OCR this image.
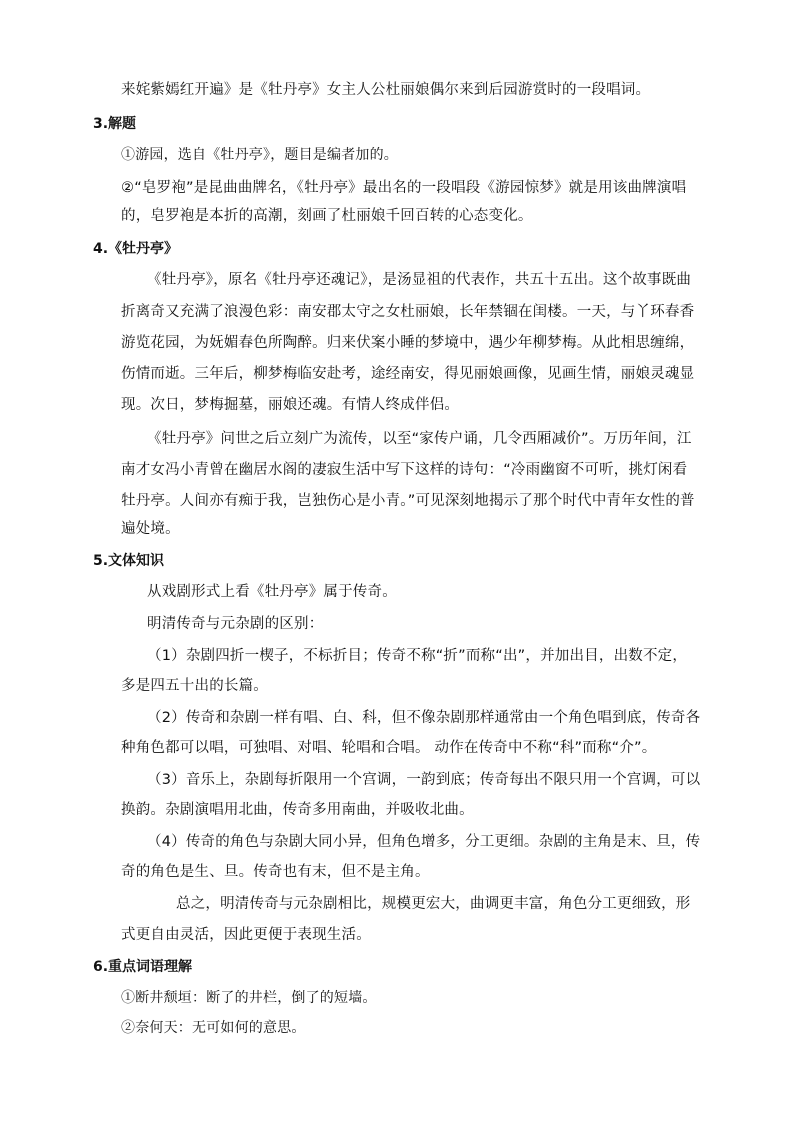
来姹紫嫣红开遍》是《牡丹亭》女主人公杜丽娘偶尔来到后园游赏时的一段唱词。
3.解题
①游园，选自《牡丹亭》，题目是编者加的。
②“皂罗袍”是昆曲曲牌名，《牡丹亭》最出名的一段唱段《游园惊梦》就是用该曲牌演唱
的，皂罗袍是本折的高潮，刻画了杜丽娘千回百转的心态变化。
4.《牡丹亭》
《牡丹亭》，原名《牡丹亭还魂记》，是汤显祖的代表作，共五十五出。这个故事既曲
折离奇又充满了浪漫色彩：南安郡太守之女杜丽娘，长年禁锢在闺楼。一天，与丫环春香
游览花园，为妩媚春色所陶醉。归来伏案小睡的梦境中，遇少年柳梦梅。从此相思缠绵，
伤情而逝。三年后，柳梦梅临安赴考，途经南安，得见丽娘画像，见画生情，丽娘灵魂显
现。次日，梦梅掘墓，丽娘还魂。有情人终成伴侣。
《牡丹亭》问世之后立刻广为流传，以至“家传户诵，几令西厢减价”。万历年间，江
南才女冯小青曾在幽居水阁的凄寂生活中写下这样的诗句：“冷雨幽窗不可听，挑灯闲看
牡丹亭。人间亦有痴于我，岂独伤心是小青。”可见深刻地揭示了那个时代中青年女性的普
遍处境。
5.文体知识
从戏剧形式上看《牡丹亭》属于传奇。
明清传奇与元杂剧的区别：
（1）杂剧四折一楔子，不标折目；传奇不称“折”而称“出”，并加出目，出数不定，
多是四五十出的长篇。
（2）传奇和杂剧一样有唱、白、科，但不像杂剧那样通常由一个角色唱到底，传奇各
种角色都可以唱，可独唱、对唱、轮唱和合唱。 动作在传奇中不称“科”而称“介”。
（3）音乐上，杂剧每折限用一个宫调，一韵到底；传奇每出不限只用一个宫调，可以
换韵。杂剧演唱用北曲，传奇多用南曲，并吸收北曲。
（4）传奇的角色与杂剧大同小异，但角色增多，分工更细。杂剧的主角是末、旦，传
奇的角色是生、旦。传奇也有末，但不是主角。
总之，明清传奇与元杂剧相比，规模更宏大，曲调更丰富，角色分工更细致，形
式更自由灵活，因此更便于表现生活。
6.重点词语理解
①断井颓垣：断了的井栏，倒了的短墙。
②奈何天：无可如何的意思。
